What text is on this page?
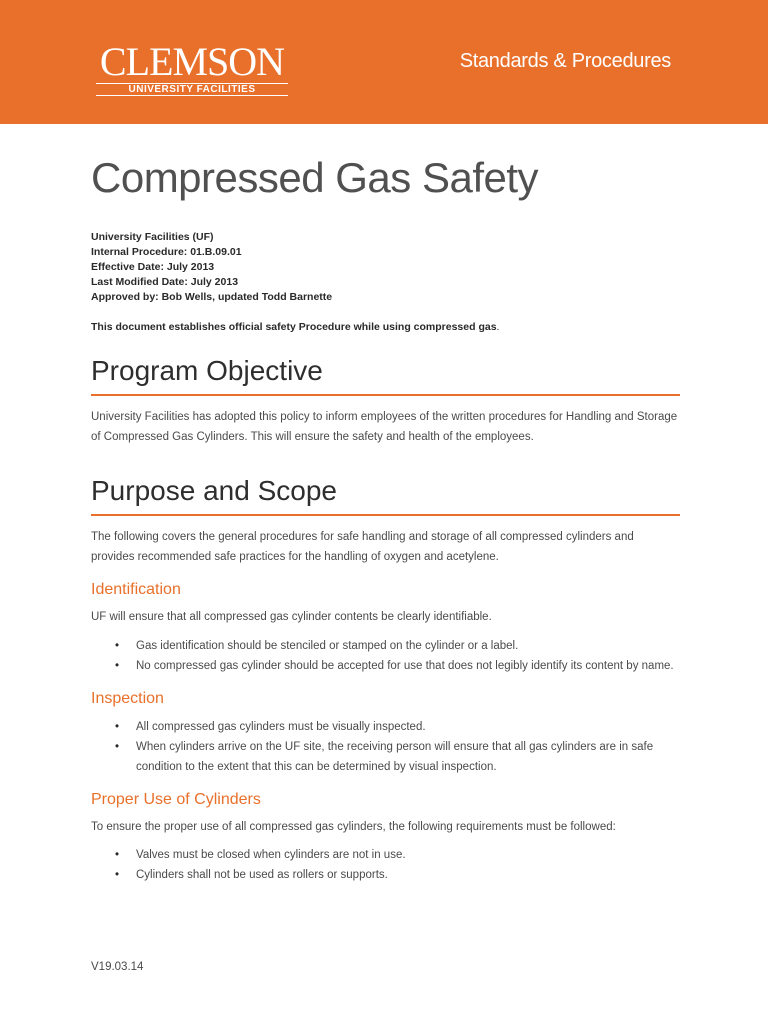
CLEMSON
UNIVERSITY FACILITIES
Standards & Procedures
Compressed Gas Safety
University Facilities (UF)
Internal Procedure: 01.B.09.01
Effective Date: July 2013
Last Modified Date: July 2013
Approved by: Bob Wells, updated Todd Barnette
This document establishes official safety Procedure while using compressed gas.
Program Objective

University Facilities has adopted this policy to inform employees of the written procedures for Handling and Storage of Compressed Gas Cylinders. This will ensure the safety and health of the employees.

Purpose and Scope

The following covers the general procedures for safe handling and storage of all compressed cylinders and provides recommended safe practices for the handling of oxygen and acetylene.

Identification

UF will ensure that all compressed gas cylinder contents be clearly identifiable.

• Gas identification should be stenciled or stamped on the cylinder or a label.
• No compressed gas cylinder should be accepted for use that does not legibly identify its content by name.
Inspection
• All compressed gas cylinders must be visually inspected.
• When cylinders arrive on the UF site, the receiving person will ensure that all gas cylinders are in safe condition to the extent that this can be determined by visual inspection.
Proper Use of Cylinders

To ensure the proper use of all compressed gas cylinders, the following requirements must be followed:

• Valves must be closed when cylinders are not in use.
• Cylinders shall not be used as rollers or supports.
V19.03.14
